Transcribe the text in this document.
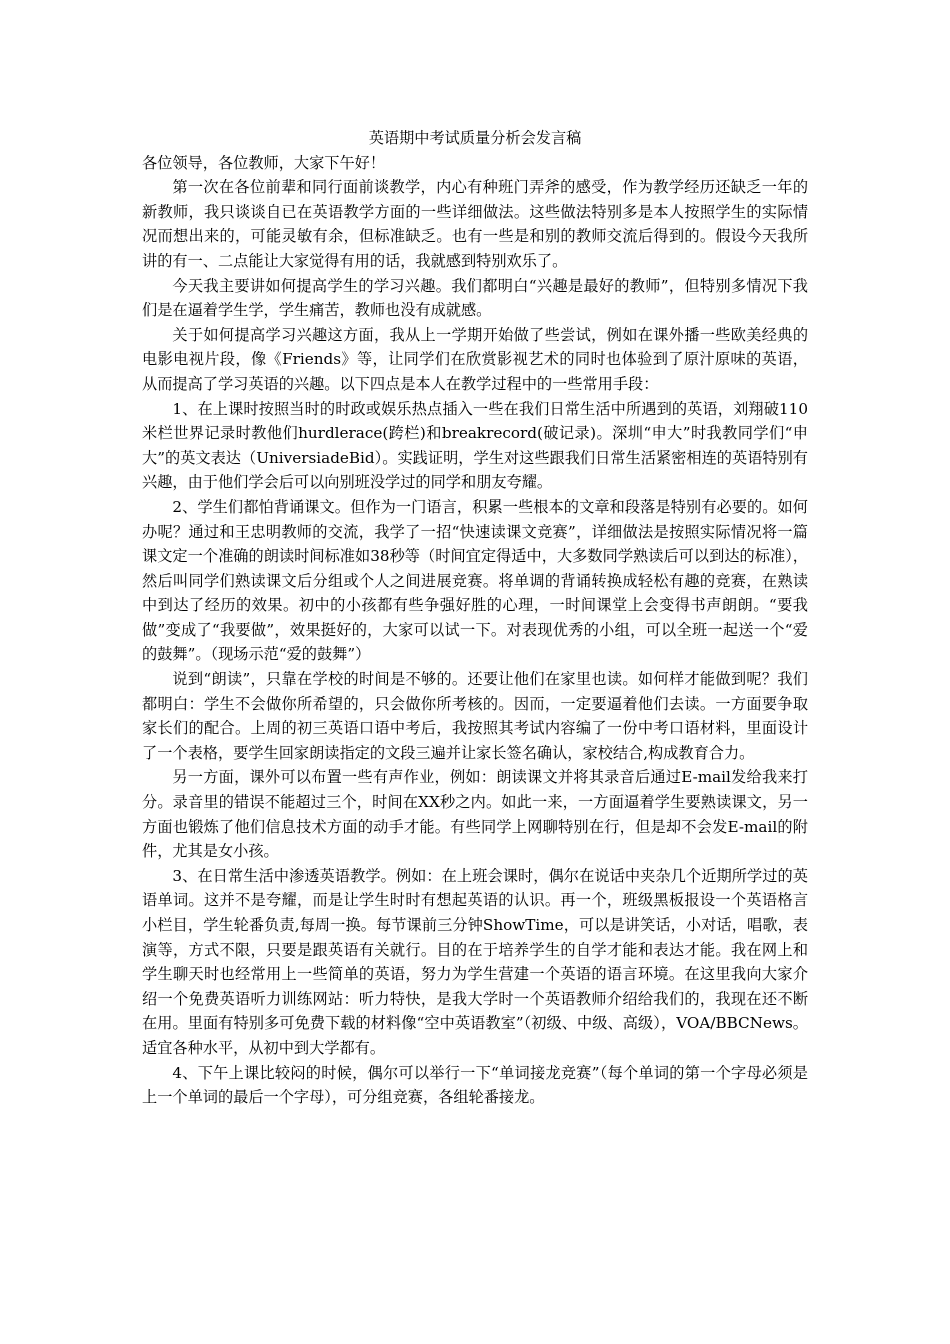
英语期中考试质量分析会发言稿

各位领导，各位教师，大家下午好！

第一次在各位前辈和同行面前谈教学，内心有种班门弄斧的感受，作为教学经历还缺乏一年的新教师，我只谈谈自已在英语教学方面的一些详细做法。这些做法特别多是本人按照学生的实际情况而想出来的，可能灵敏有余，但标准缺乏。也有一些是和别的教师交流后得到的。假设今天我所讲的有一、二点能让大家觉得有用的话，我就感到特别欢乐了。

今天我主要讲如何提高学生的学习兴趣。我们都明白“兴趣是最好的教师”，但特别多情况下我们是在逼着学生学，学生痛苦，教师也没有成就感。

关于如何提高学习兴趣这方面，我从上一学期开始做了些尝试，例如在课外播一些欧美经典的电影电视片段，像《Friends》等，让同学们在欣赏影视艺术的同时也体验到了原汁原味的英语，从而提高了学习英语的兴趣。以下四点是本人在教学过程中的一些常用手段：

1、在上课时按照当时的时政或娱乐热点插入一些在我们日常生活中所遇到的英语，刘翔破110米栏世界记录时教他们hurdlerace(跨栏)和breakrecord(破记录)。深圳“申大”时我教同学们“申大”的英文表达（UniversiadeBid）。实践证明，学生对这些跟我们日常生活紧密相连的英语特别有兴趣，由于他们学会后可以向别班没学过的同学和朋友夸耀。

2、学生们都怕背诵课文。但作为一门语言，积累一些根本的文章和段落是特别有必要的。如何办呢？通过和王忠明教师的交流，我学了一招“快速读课文竞赛”，详细做法是按照实际情况将一篇课文定一个准确的朗读时间标准如38秒等（时间宜定得适中，大多数同学熟读后可以到达的标准），然后叫同学们熟读课文后分组或个人之间进展竞赛。将单调的背诵转换成轻松有趣的竞赛，在熟读中到达了经历的效果。初中的小孩都有些争强好胜的心理，一时间课堂上会变得书声朗朗。“要我做”变成了“我要做”，效果挺好的，大家可以试一下。对表现优秀的小组，可以全班一起送一个“爱的鼓舞”。（现场示范“爱的鼓舞”）

说到“朗读”，只靠在学校的时间是不够的。还要让他们在家里也读。如何样才能做到呢？我们都明白：学生不会做你所希望的，只会做你所考核的。因而，一定要逼着他们去读。一方面要争取家长们的配合。上周的初三英语口语中考后，我按照其考试内容编了一份中考口语材料，里面设计了一个表格，要学生回家朗读指定的文段三遍并让家长签名确认，家校结合,构成教育合力。

另一方面，课外可以布置一些有声作业，例如：朗读课文并将其录音后通过E-mail发给我来打分。录音里的错误不能超过三个，时间在XX秒之内。如此一来，一方面逼着学生要熟读课文，另一方面也锻炼了他们信息技术方面的动手才能。有些同学上网聊特别在行，但是却不会发E-mail的附件，尤其是女小孩。

3、在日常生活中渗透英语教学。例如：在上班会课时，偶尔在说话中夹杂几个近期所学过的英语单词。这并不是夸耀，而是让学生时时有想起英语的认识。再一个，班级黑板报设一个英语格言小栏目，学生轮番负责,每周一换。每节课前三分钟ShowTime，可以是讲笑话，小对话，唱歌，表演等，方式不限，只要是跟英语有关就行。目的在于培养学生的自学才能和表达才能。我在网上和学生聊天时也经常用上一些简单的英语，努力为学生营建一个英语的语言环境。在这里我向大家介绍一个免费英语听力训练网站：听力特快，是我大学时一个英语教师介绍给我们的，我现在还不断在用。里面有特别多可免费下载的材料像“空中英语教室”（初级、中级、高级），VOA/BBCNews。适宜各种水平，从初中到大学都有。

4、下午上课比较闷的时候，偶尔可以举行一下“单词接龙竞赛”（每个单词的第一个字母必须是上一个单词的最后一个字母），可分组竞赛，各组轮番接龙。
